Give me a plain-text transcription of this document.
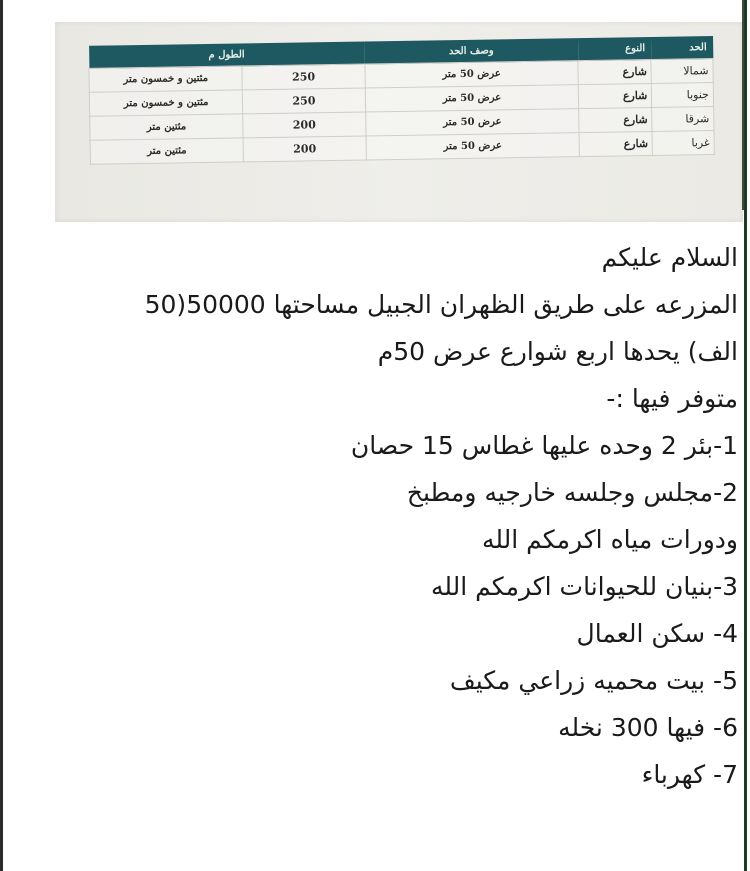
الحد	النوع	وصف الحد	الطول م	
شمالا	شارع	عرض 50 متر	250	مئتين و خمسون متر
جنوبا	شارع	عرض 50 متر	250	مئتين و خمسون متر
شرقا	شارع	عرض 50 متر	200	مئتين متر
غربا	شارع	عرض 50 متر	200	مئتين متر
السلام عليكم
المزرعه على طريق الظهران الجبيل مساحتها 50000(50
الف) يحدها اربع شوارع عرض 50م
متوفر فيها :-
1-بئر 2 وحده عليها غطاس 15 حصان
2-مجلس وجلسه خارجيه ومطبخ
ودورات مياه اكرمكم الله
3-بنيان للحيوانات اكرمكم الله
4- سكن العمال
5- بيت محميه زراعي مكيف
6- فيها 300 نخله
7- كهرباء
